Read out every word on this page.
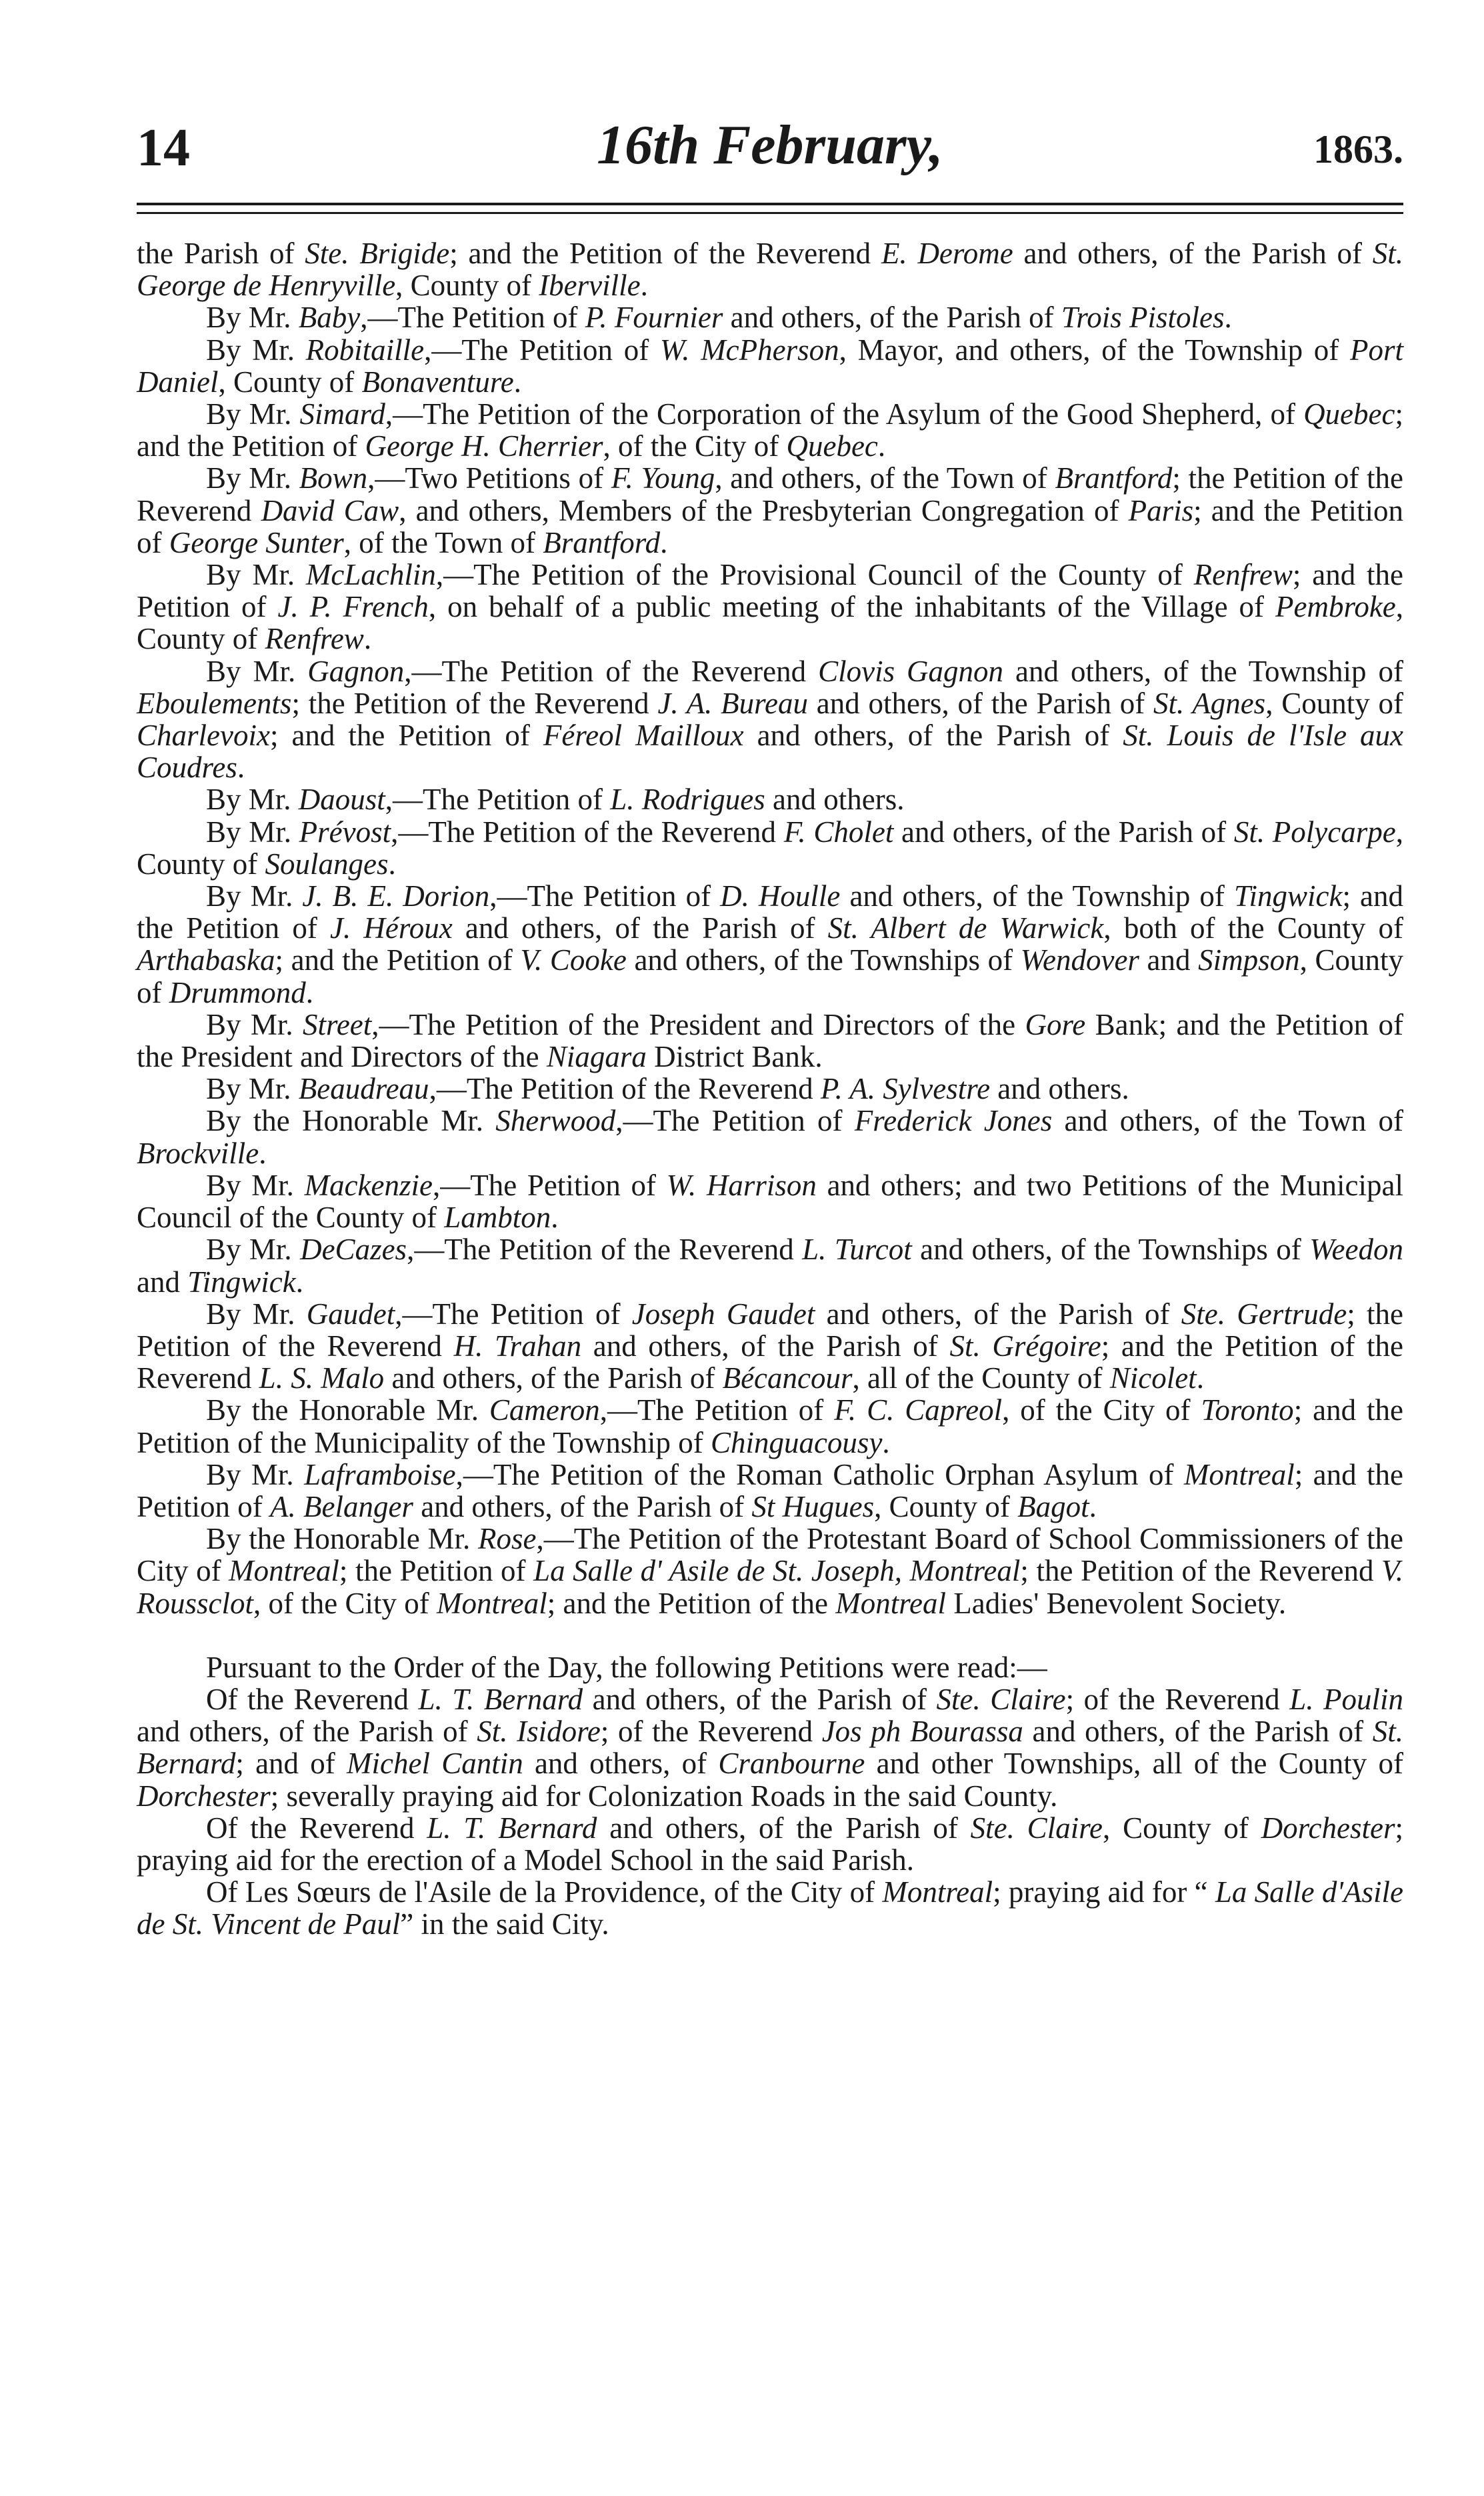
14	16th February,	1863.

the Parish of Ste. Brigide; and the Petition of the Reverend E. Derome and others, of the Parish of St. George de Henryville, County of Iberville.

By Mr. Baby,—The Petition of P. Fournier and others, of the Parish of Trois Pistoles.

By Mr. Robitaille,—The Petition of W. McPherson, Mayor, and others, of the Township of Port Daniel, County of Bonaventure.

By Mr. Simard,—The Petition of the Corporation of the Asylum of the Good Shepherd, of Quebec; and the Petition of George H. Cherrier, of the City of Quebec.

By Mr. Bown,—Two Petitions of F. Young, and others, of the Town of Brantford; the Petition of the Reverend David Caw, and others, Members of the Presbyterian Congregation of Paris; and the Petition of George Sunter, of the Town of Brantford.

By Mr. McLachlin,—The Petition of the Provisional Council of the County of Renfrew; and the Petition of J. P. French, on behalf of a public meeting of the inhabitants of the Village of Pembroke, County of Renfrew.

By Mr. Gagnon,—The Petition of the Reverend Clovis Gagnon and others, of the Township of Eboulements; the Petition of the Reverend J. A. Bureau and others, of the Parish of St. Agnes, County of Charlevoix; and the Petition of Féreol Mailloux and others, of the Parish of St. Louis de l'Isle aux Coudres.

By Mr. Daoust,—The Petition of L. Rodrigues and others.

By Mr. Prévost,—The Petition of the Reverend F. Cholet and others, of the Parish of St. Polycarpe, County of Soulanges.

By Mr. J. B. E. Dorion,—The Petition of D. Houlle and others, of the Township of Tingwick; and the Petition of J. Héroux and others, of the Parish of St. Albert de Warwick, both of the County of Arthabaska; and the Petition of V. Cooke and others, of the Townships of Wendover and Simpson, County of Drummond.

By Mr. Street,—The Petition of the President and Directors of the Gore Bank; and the Petition of the President and Directors of the Niagara District Bank.

By Mr. Beaudreau,—The Petition of the Reverend P. A. Sylvestre and others.

By the Honorable Mr. Sherwood,—The Petition of Frederick Jones and others, of the Town of Brockville.

By Mr. Mackenzie,—The Petition of W. Harrison and others; and two Petitions of the Municipal Council of the County of Lambton.

By Mr. DeCazes,—The Petition of the Reverend L. Turcot and others, of the Townships of Weedon and Tingwick.

By Mr. Gaudet,—The Petition of Joseph Gaudet and others, of the Parish of Ste. Gertrude; the Petition of the Reverend H. Trahan and others, of the Parish of St. Grégoire; and the Petition of the Reverend L. S. Malo and others, of the Parish of Bécancour, all of the County of Nicolet.

By the Honorable Mr. Cameron,—The Petition of F. C. Capreol, of the City of Toronto; and the Petition of the Municipality of the Township of Chinguacousy.

By Mr. Laframboise,—The Petition of the Roman Catholic Orphan Asylum of Montreal; and the Petition of A. Belanger and others, of the Parish of St Hugues, County of Bagot.

By the Honorable Mr. Rose,—The Petition of the Protestant Board of School Commissioners of the City of Montreal; the Petition of La Salle d' Asile de St. Joseph, Montreal; the Petition of the Reverend V. Roussclot, of the City of Montreal; and the Petition of the Montreal Ladies' Benevolent Society.

Pursuant to the Order of the Day, the following Petitions were read:—

Of the Reverend L. T. Bernard and others, of the Parish of Ste. Claire; of the Reverend L. Poulin and others, of the Parish of St. Isidore; of the Reverend Jos ph Bourassa and others, of the Parish of St. Bernard; and of Michel Cantin and others, of Cranbourne and other Townships, all of the County of Dorchester; severally praying aid for Colonization Roads in the said County.

Of the Reverend L. T. Bernard and others, of the Parish of Ste. Claire, County of Dorchester; praying aid for the erection of a Model School in the said Parish.

Of Les Sœurs de l'Asile de la Providence, of the City of Montreal; praying aid for “ La Salle d'Asile de St. Vincent de Paul” in the said City.
